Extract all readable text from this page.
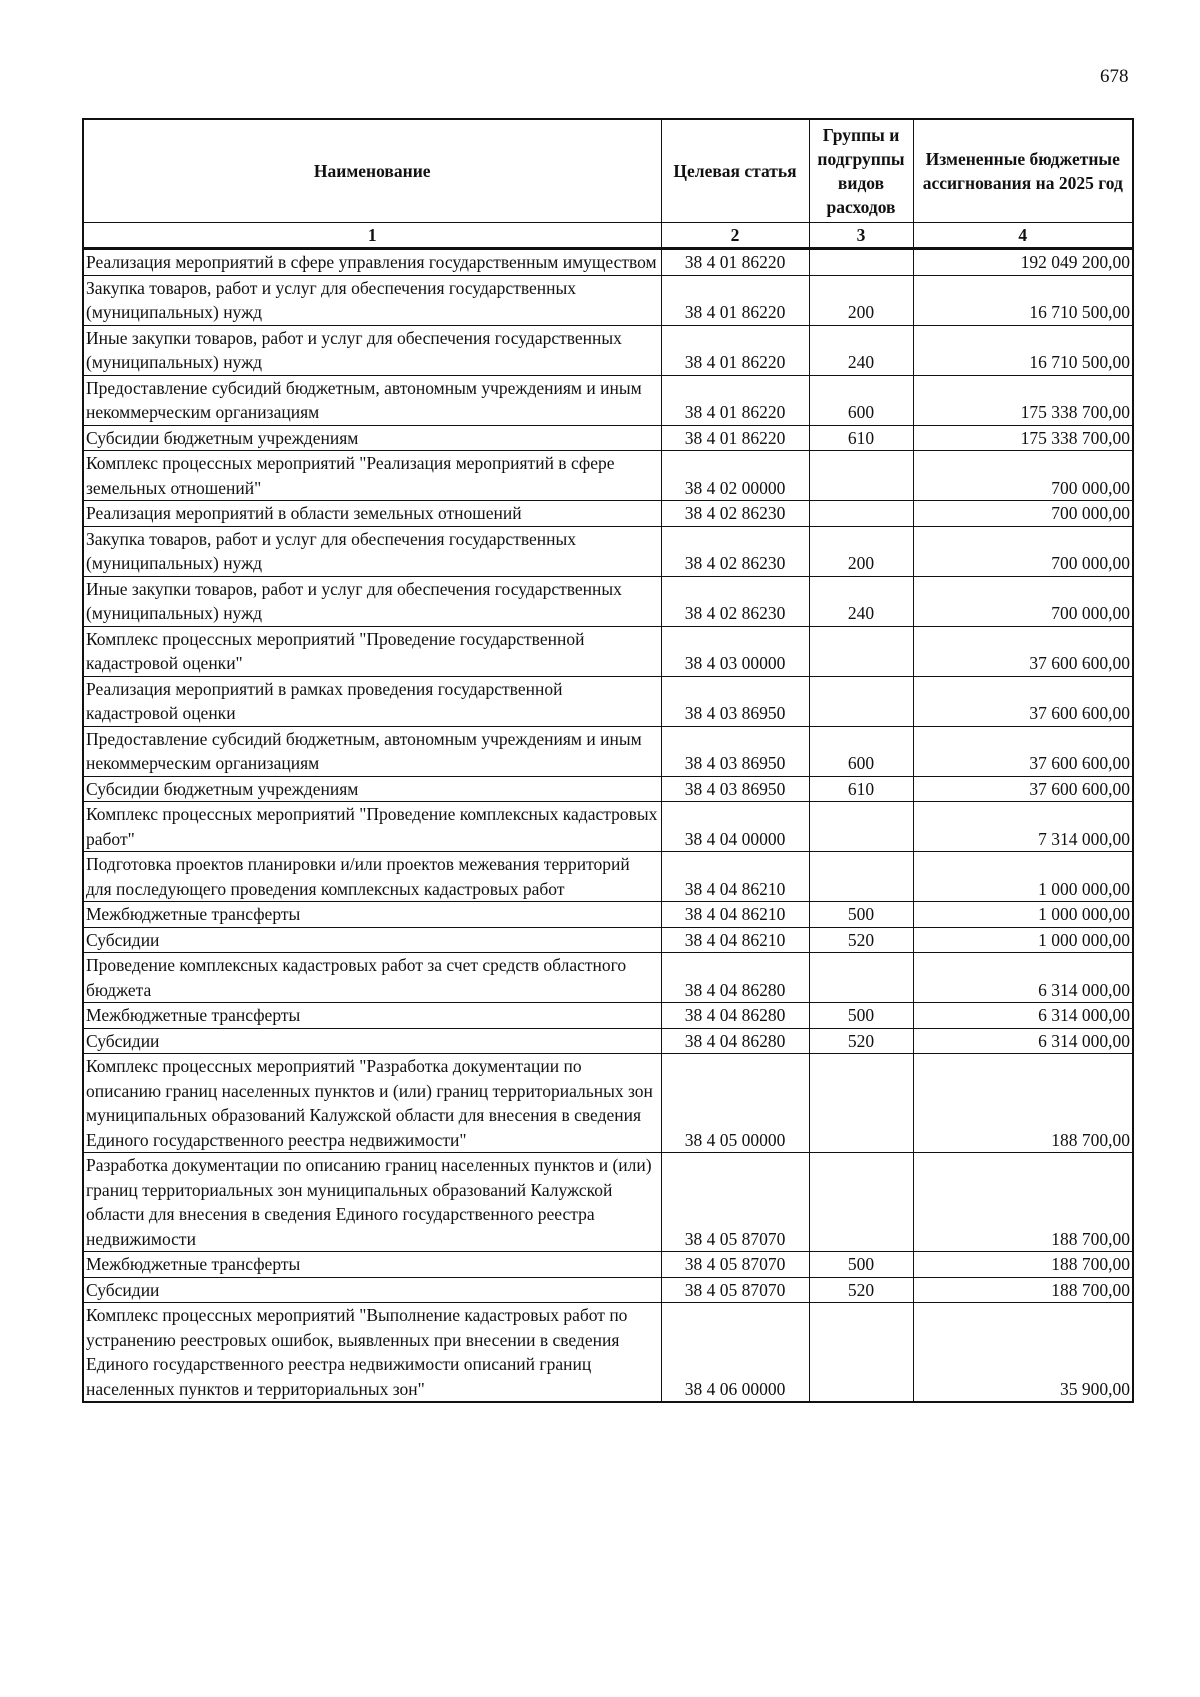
678
Наименование	Целевая статья	Группы и подгруппы видов расходов	Измененные бюджетные ассигнования на 2025 год
1	2	3	4
Реализация мероприятий в сфере управления государственным имуществом	38 4 01 86220		192 049 200,00
Закупка товаров, работ и услуг для обеспечения государственных (муниципальных) нужд	38 4 01 86220	200	16 710 500,00
Иные закупки товаров, работ и услуг для обеспечения государственных (муниципальных) нужд	38 4 01 86220	240	16 710 500,00
Предоставление субсидий бюджетным, автономным учреждениям и иным некоммерческим организациям	38 4 01 86220	600	175 338 700,00
Субсидии бюджетным учреждениям	38 4 01 86220	610	175 338 700,00
Комплекс процессных мероприятий "Реализация мероприятий в сфере земельных отношений"	38 4 02 00000		700 000,00
Реализация мероприятий в области земельных отношений	38 4 02 86230		700 000,00
Закупка товаров, работ и услуг для обеспечения государственных (муниципальных) нужд	38 4 02 86230	200	700 000,00
Иные закупки товаров, работ и услуг для обеспечения государственных (муниципальных) нужд	38 4 02 86230	240	700 000,00
Комплекс процессных мероприятий "Проведение государственной кадастровой оценки"	38 4 03 00000		37 600 600,00
Реализация мероприятий в рамках проведения государственной кадастровой оценки	38 4 03 86950		37 600 600,00
Предоставление субсидий бюджетным, автономным учреждениям и иным некоммерческим организациям	38 4 03 86950	600	37 600 600,00
Субсидии бюджетным учреждениям	38 4 03 86950	610	37 600 600,00
Комплекс процессных мероприятий "Проведение комплексных кадастровых работ"	38 4 04 00000		7 314 000,00
Подготовка проектов планировки и/или проектов межевания территорий для последующего проведения комплексных кадастровых работ	38 4 04 86210		1 000 000,00
Межбюджетные трансферты	38 4 04 86210	500	1 000 000,00
Субсидии	38 4 04 86210	520	1 000 000,00
Проведение комплексных кадастровых работ за счет средств областного бюджета	38 4 04 86280		6 314 000,00
Межбюджетные трансферты	38 4 04 86280	500	6 314 000,00
Субсидии	38 4 04 86280	520	6 314 000,00
Комплекс процессных мероприятий "Разработка документации по описанию границ населенных пунктов и (или) границ территориальных зон муниципальных образований Калужской области для внесения в сведения Единого государственного реестра недвижимости"	38 4 05 00000		188 700,00
Разработка документации по описанию границ населенных пунктов и (или) границ территориальных зон муниципальных образований Калужской области для внесения в сведения Единого государственного реестра недвижимости	38 4 05 87070		188 700,00
Межбюджетные трансферты	38 4 05 87070	500	188 700,00
Субсидии	38 4 05 87070	520	188 700,00
Комплекс процессных мероприятий "Выполнение кадастровых работ по устранению реестровых ошибок, выявленных при внесении в сведения Единого государственного реестра недвижимости описаний границ населенных пунктов и территориальных зон"	38 4 06 00000		35 900,00
